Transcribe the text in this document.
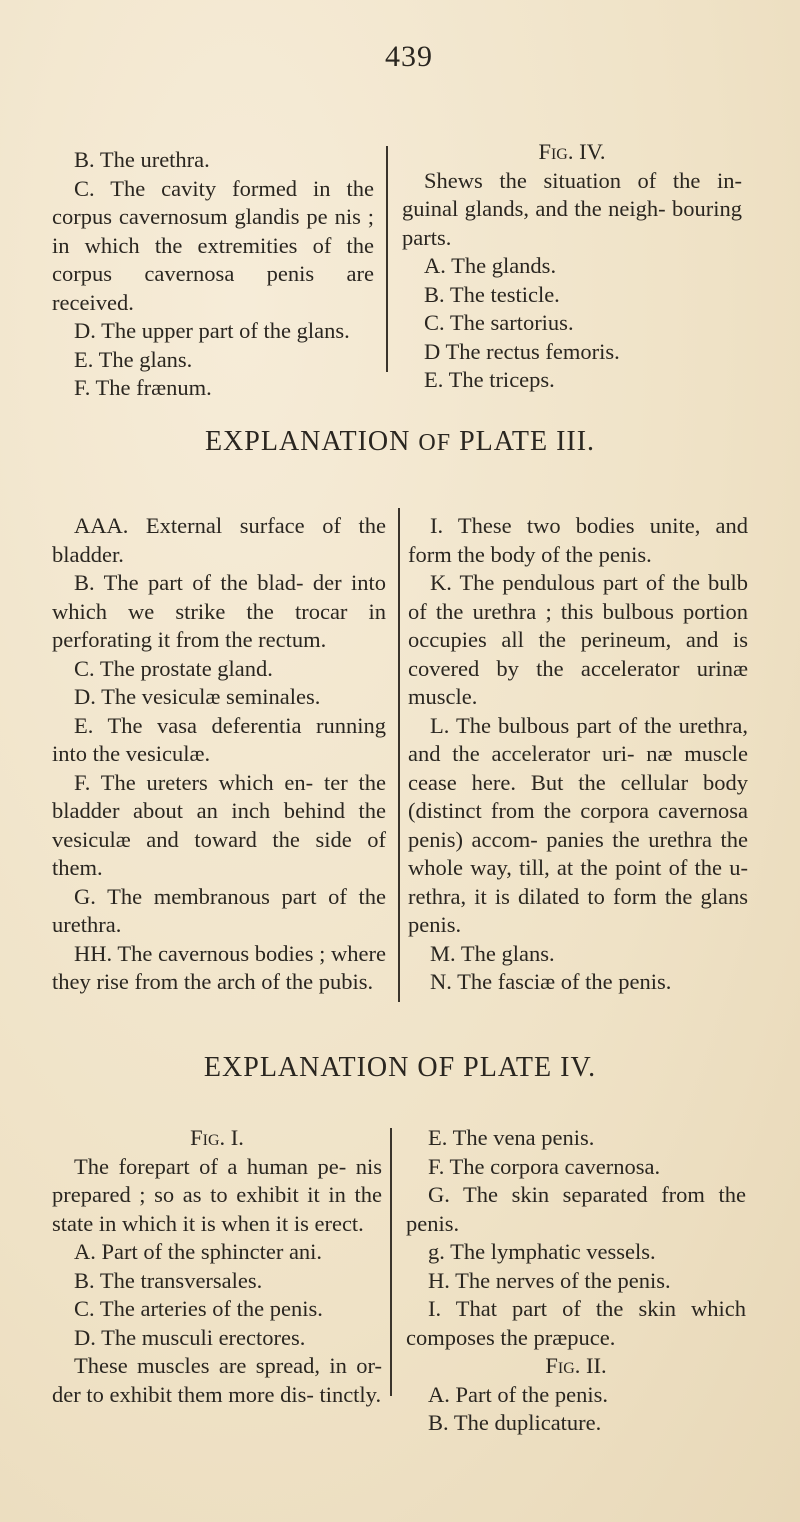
439

B. The urethra.

C. The cavity formed in the corpus cavernosum glandis pe nis ; in which the extremities of the corpus cavernosa penis are received.

D. The upper part of the glans.

E. The glans.

F. The frænum.

Fig. IV.

Shews the situation of the in- guinal glands, and the neigh- bouring parts.

A. The glands.

B. The testicle.

C. The sartorius.

D The rectus femoris.

E. The triceps.

EXPLANATION OF PLATE III.

AAA. External surface of the bladder.

B. The part of the blad- der into which we strike the trocar in perforating it from the rectum.

C. The prostate gland.

D. The vesiculæ seminales.

E. The vasa deferentia running into the vesiculæ.

F. The ureters which en- ter the bladder about an inch behind the vesiculæ and toward the side of them.

G. The membranous part of the urethra.

HH. The cavernous bodies ; where they rise from the arch of the pubis.

I. These two bodies unite, and form the body of the penis.

K. The pendulous part of the bulb of the urethra ; this bulbous portion occupies all the perineum, and is covered by the accelerator urinæ muscle.

L. The bulbous part of the urethra, and the accelerator uri- næ muscle cease here. But the cellular body (distinct from the corpora cavernosa penis) accom- panies the urethra the whole way, till, at the point of the u- rethra, it is dilated to form the glans penis.

M. The glans.

N. The fasciæ of the penis.

EXPLANATION OF PLATE IV.

Fig. I.

The forepart of a human pe- nis prepared ; so as to exhibit it in the state in which it is when it is erect.

A. Part of the sphincter ani.

B. The transversales.

C. The arteries of the penis.

D. The musculi erectores.

These muscles are spread, in or- der to exhibit them more dis- tinctly.

E. The vena penis.

F. The corpora cavernosa.

G. The skin separated from the penis.

g. The lymphatic vessels.

H. The nerves of the penis.

I. That part of the skin which composes the præpuce.

Fig. II.

A. Part of the penis.

B. The duplicature.
